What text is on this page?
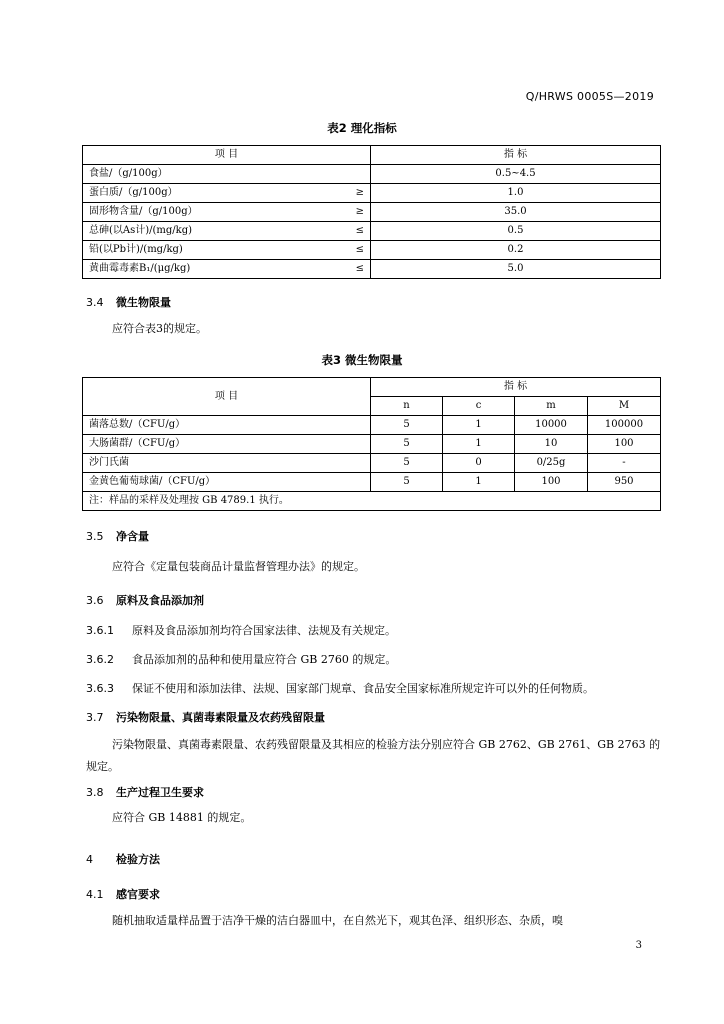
Q/HRWS 0005S—2019
表2 理化指标
项 目	指 标
食盐/（g/100g）	0.5~4.5
蛋白质/（g/100g） ≥	1.0
固形物含量/（g/100g） ≥	35.0
总砷(以As计)/(mg/kg) ≤	0.5
铅(以Pb计)/(mg/kg) ≤	0.2
黄曲霉毒素B₁/(μg/kg) ≤	5.0
3.4 微生物限量
应符合表3的规定。
表3 微生物限量
项 目	指 标			
	n	c	m	M
菌落总数/（CFU/g）	5	1	10000	100000
大肠菌群/（CFU/g）	5	1	10	100
沙门氏菌	5	0	0/25g	-
金黄色葡萄球菌/（CFU/g）	5	1	100	950
注：样品的采样及处理按 GB 4789.1 执行。				
3.5 净含量
应符合《定量包装商品计量监督管理办法》的规定。
3.6 原料及食品添加剂
3.6.1 原料及食品添加剂均符合国家法律、法规及有关规定。
3.6.2 食品添加剂的品种和使用量应符合 GB 2760 的规定。
3.6.3 保证不使用和添加法律、法规、国家部门规章、食品安全国家标准所规定许可以外的任何物质。
3.7 污染物限量、真菌毒素限量及农药残留限量
污染物限量、真菌毒素限量、农药残留限量及其相应的检验方法分别应符合 GB 2762、GB 2761、GB 2763 的规定。
3.8 生产过程卫生要求
应符合 GB 14881 的规定。
4 检验方法
4.1 感官要求
随机抽取适量样品置于洁净干燥的洁白器皿中，在自然光下，观其色泽、组织形态、杂质，嗅
3
